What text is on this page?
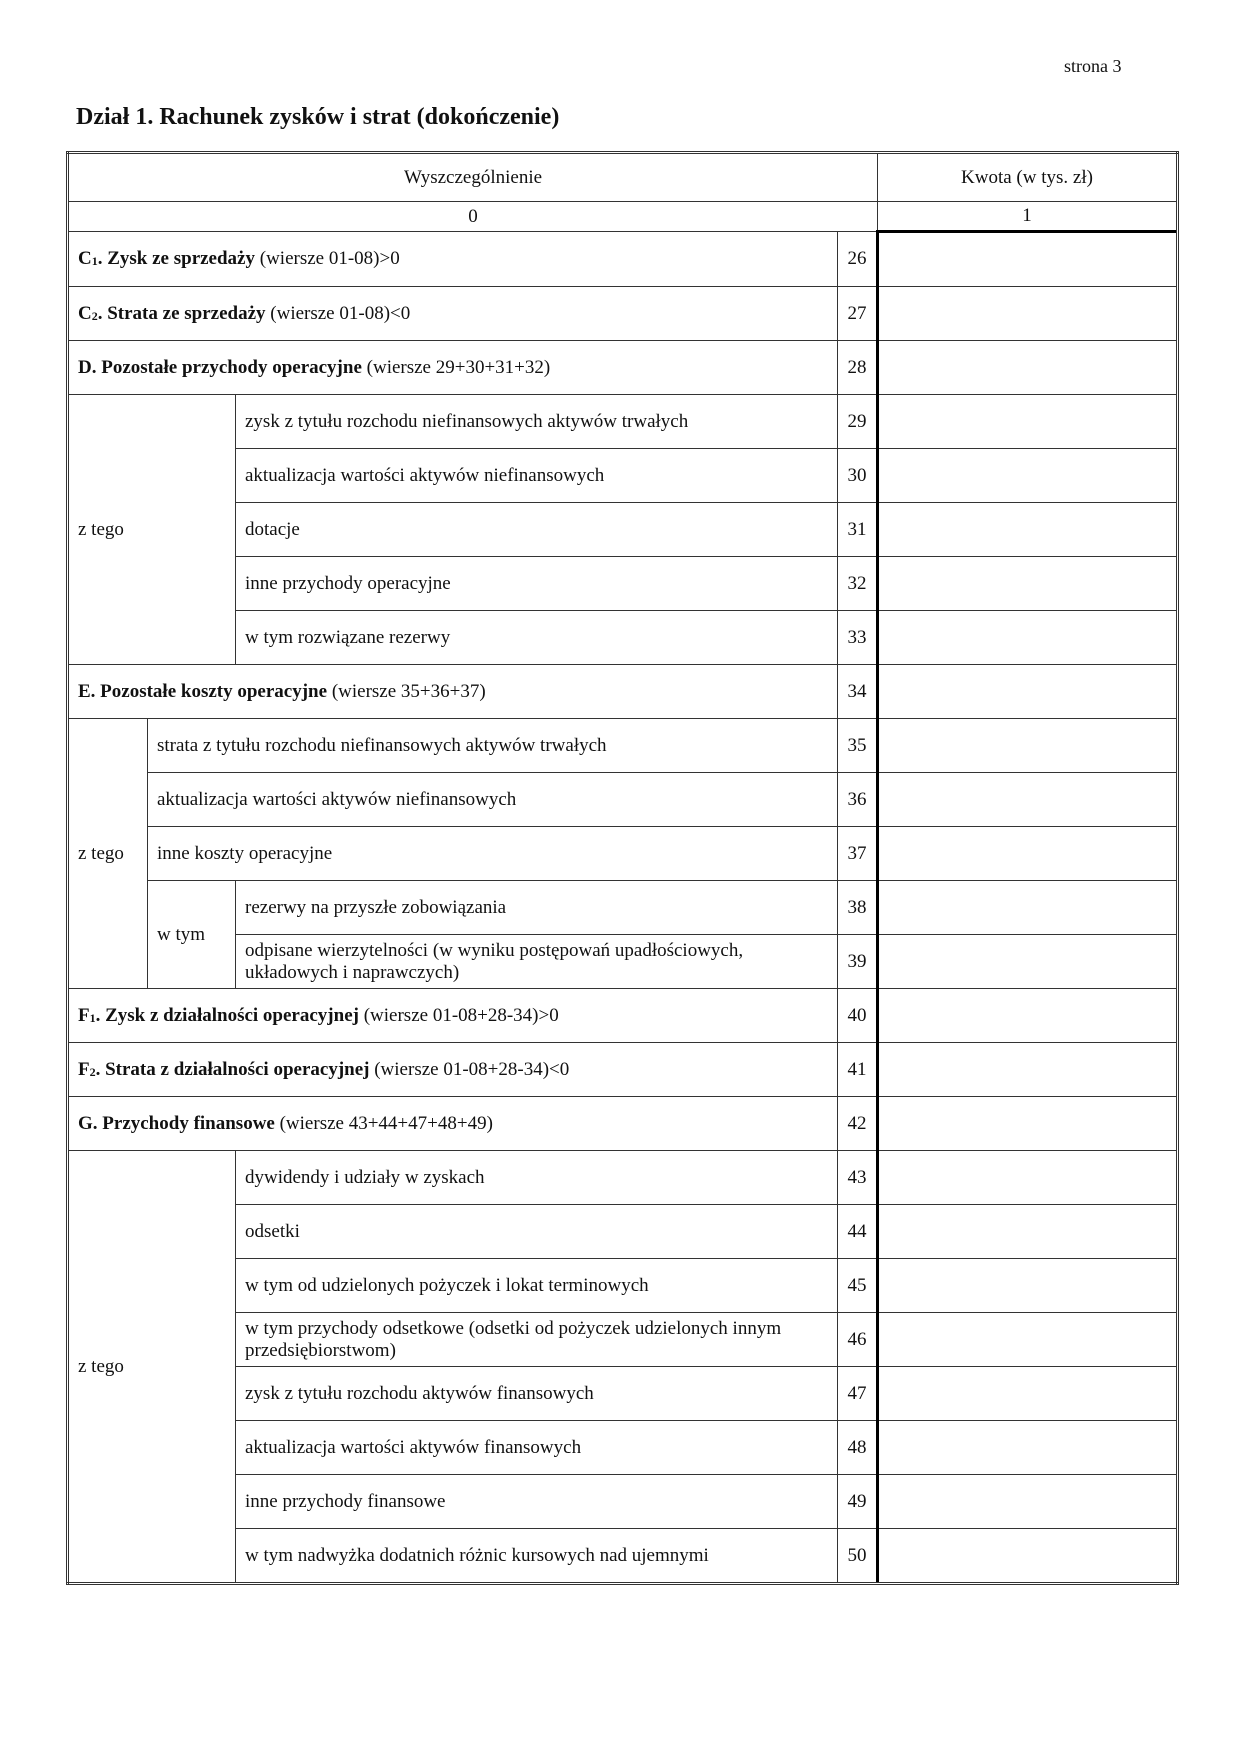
strona 3
Dział 1. Rachunek zysków i strat (dokończenie)
Wyszczególnienie				Kwota (w tys. zł)
0				1
$C_1$. Zysk ze sprzedaży (wiersze 01-08)>0			26	
$C_2$. Strata ze sprzedaży (wiersze 01-08)<0			27	
D. Pozostałe przychody operacyjne (wiersze 29+30+31+32)			28	
z tego		zysk z tytułu rozchodu niefinansowych aktywów trwałych	29	
		aktualizacja wartości aktywów niefinansowych	30	
		dotacje	31	
		inne przychody operacyjne	32	
		w tym rozwiązane rezerwy	33	
E. Pozostałe koszty operacyjne (wiersze 35+36+37)			34	
z tego	strata z tytułu rozchodu niefinansowych aktywów trwałych		35	
	aktualizacja wartości aktywów niefinansowych		36	
	inne koszty operacyjne		37	
	w tym	rezerwy na przyszłe zobowiązania	38	
		odpisane wierzytelności (w wyniku postępowań upadłościowych, układowych i naprawczych)	39	
$F_1$. Zysk z działalności operacyjnej (wiersze 01-08+28-34)>0			40	
$F_2$. Strata z działalności operacyjnej (wiersze 01-08+28-34)<0			41	
G. Przychody finansowe (wiersze 43+44+47+48+49)			42	
z tego		dywidendy i udziały w zyskach	43	
		odsetki	44	
		w tym od udzielonych pożyczek i lokat terminowych	45	
		w tym przychody odsetkowe (odsetki od pożyczek udzielonych innym przedsiębiorstwom)	46	
		zysk z tytułu rozchodu aktywów finansowych	47	
		aktualizacja wartości aktywów finansowych	48	
		inne przychody finansowe	49	
		w tym nadwyżka dodatnich różnic kursowych nad ujemnymi	50	
